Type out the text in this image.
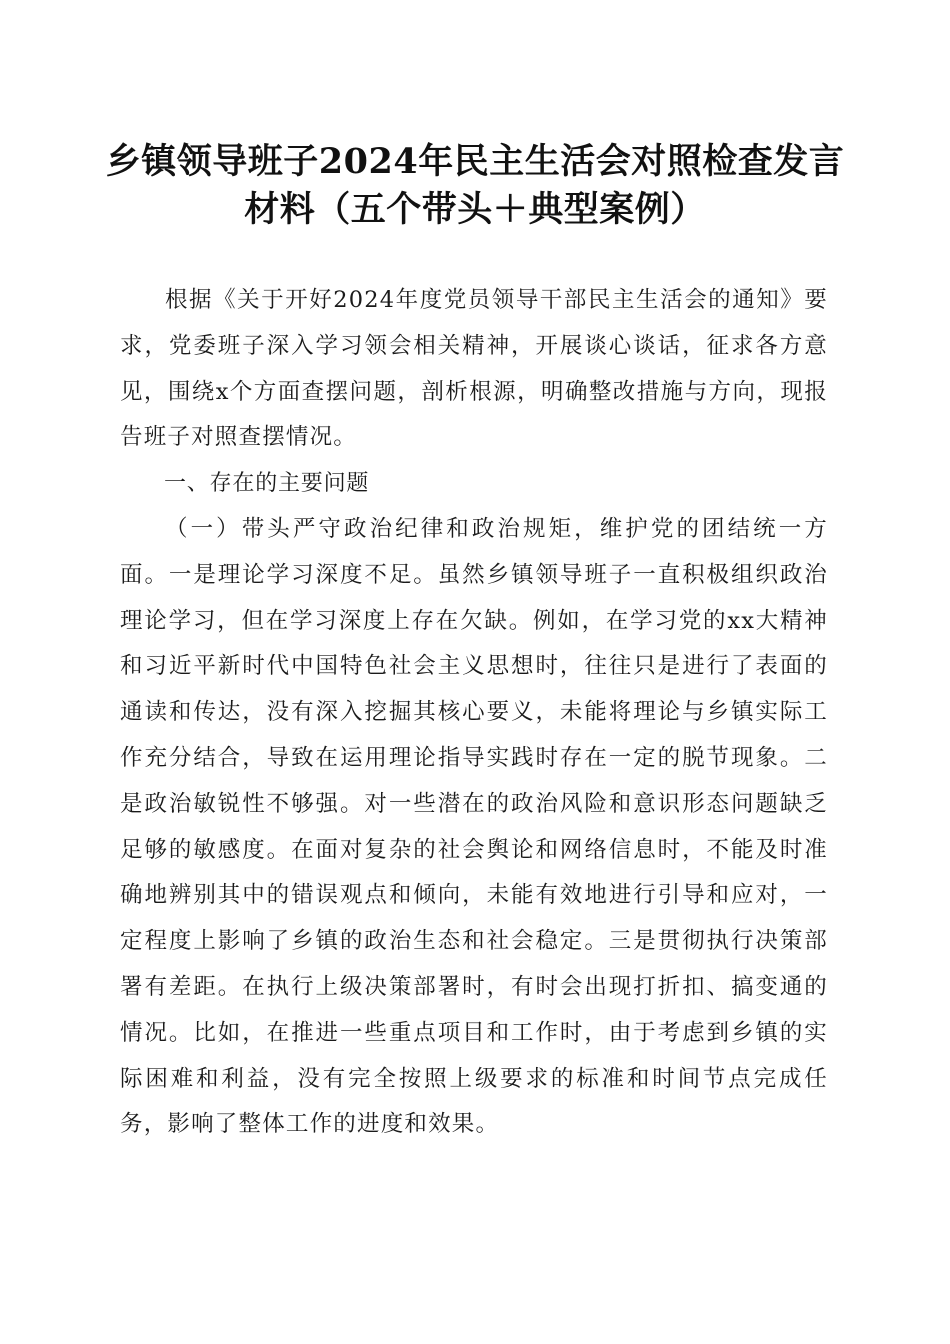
乡镇领导班子2024年民主生活会对照检查发言材料（五个带头＋典型案例）

根据《关于开好2024年度党员领导干部民主生活会的通知》要求，党委班子深入学习领会相关精神，开展谈心谈话，征求各方意见，围绕x个方面查摆问题，剖析根源，明确整改措施与方向，现报告班子对照查摆情况。

一、存在的主要问题

（一）带头严守政治纪律和政治规矩，维护党的团结统一方面。一是理论学习深度不足。虽然乡镇领导班子一直积极组织政治理论学习，但在学习深度上存在欠缺。例如，在学习党的xx大精神和习近平新时代中国特色社会主义思想时，往往只是进行了表面的通读和传达，没有深入挖掘其核心要义，未能将理论与乡镇实际工作充分结合，导致在运用理论指导实践时存在一定的脱节现象。二是政治敏锐性不够强。对一些潜在的政治风险和意识形态问题缺乏足够的敏感度。在面对复杂的社会舆论和网络信息时，不能及时准确地辨别其中的错误观点和倾向，未能有效地进行引导和应对，一定程度上影响了乡镇的政治生态和社会稳定。三是贯彻执行决策部署有差距。在执行上级决策部署时，有时会出现打折扣、搞变通的情况。比如，在推进一些重点项目和工作时，由于考虑到乡镇的实际困难和利益，没有完全按照上级要求的标准和时间节点完成任务，影响了整体工作的进度和效果。
